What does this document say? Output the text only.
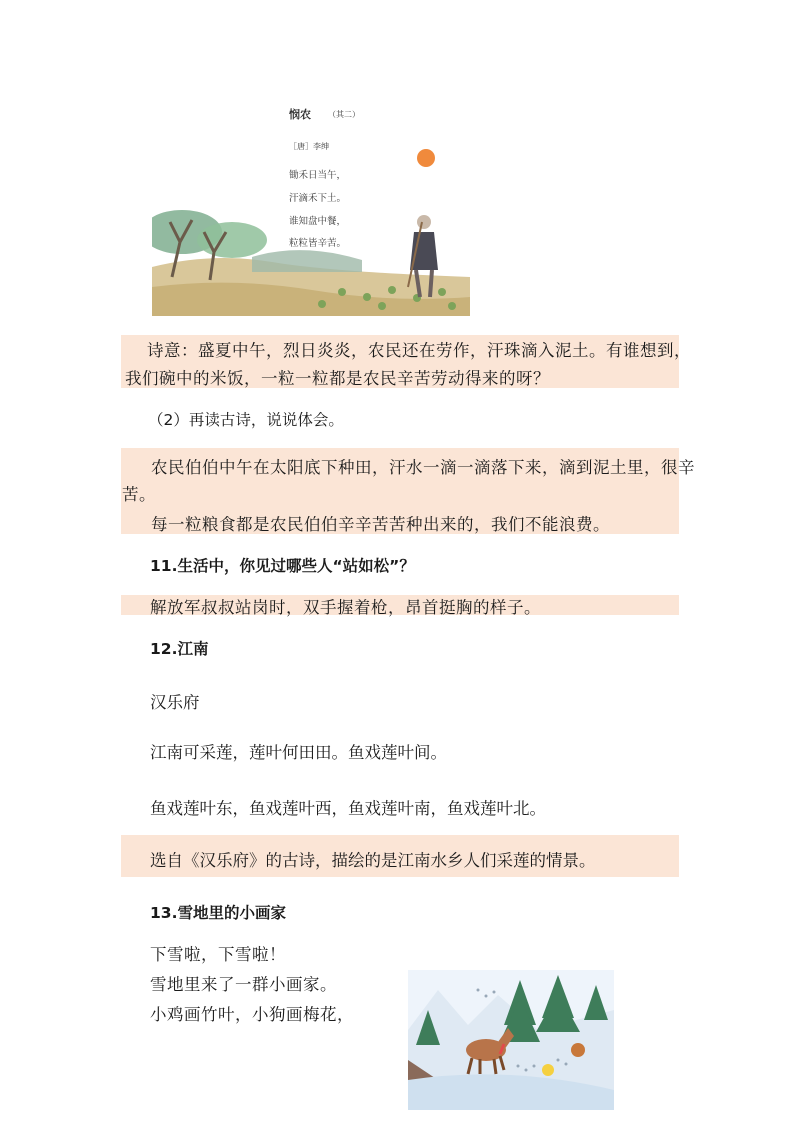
悯农 （其二）
［唐］李绅
锄禾日当午，
汗滴禾下土。
谁知盘中餐，
粒粒皆辛苦。
诗意：盛夏中午，烈日炎炎，农民还在劳作，汗珠滴入泥土。有谁想到，
我们碗中的米饭，一粒一粒都是农民辛苦劳动得来的呀？
（2）再读古诗，说说体会。
农民伯伯中午在太阳底下种田，汗水一滴一滴落下来，滴到泥土里，很辛
苦。
每一粒粮食都是农民伯伯辛辛苦苦种出来的，我们不能浪费。
11.生活中，你见过哪些人“站如松”？
解放军叔叔站岗时，双手握着枪，昂首挺胸的样子。
12.江南
汉乐府
江南可采莲，莲叶何田田。鱼戏莲叶间。
鱼戏莲叶东，鱼戏莲叶西，鱼戏莲叶南，鱼戏莲叶北。
选自《汉乐府》的古诗，描绘的是江南水乡人们采莲的情景。
13.雪地里的小画家
下雪啦，下雪啦！
雪地里来了一群小画家。
小鸡画竹叶，小狗画梅花，
